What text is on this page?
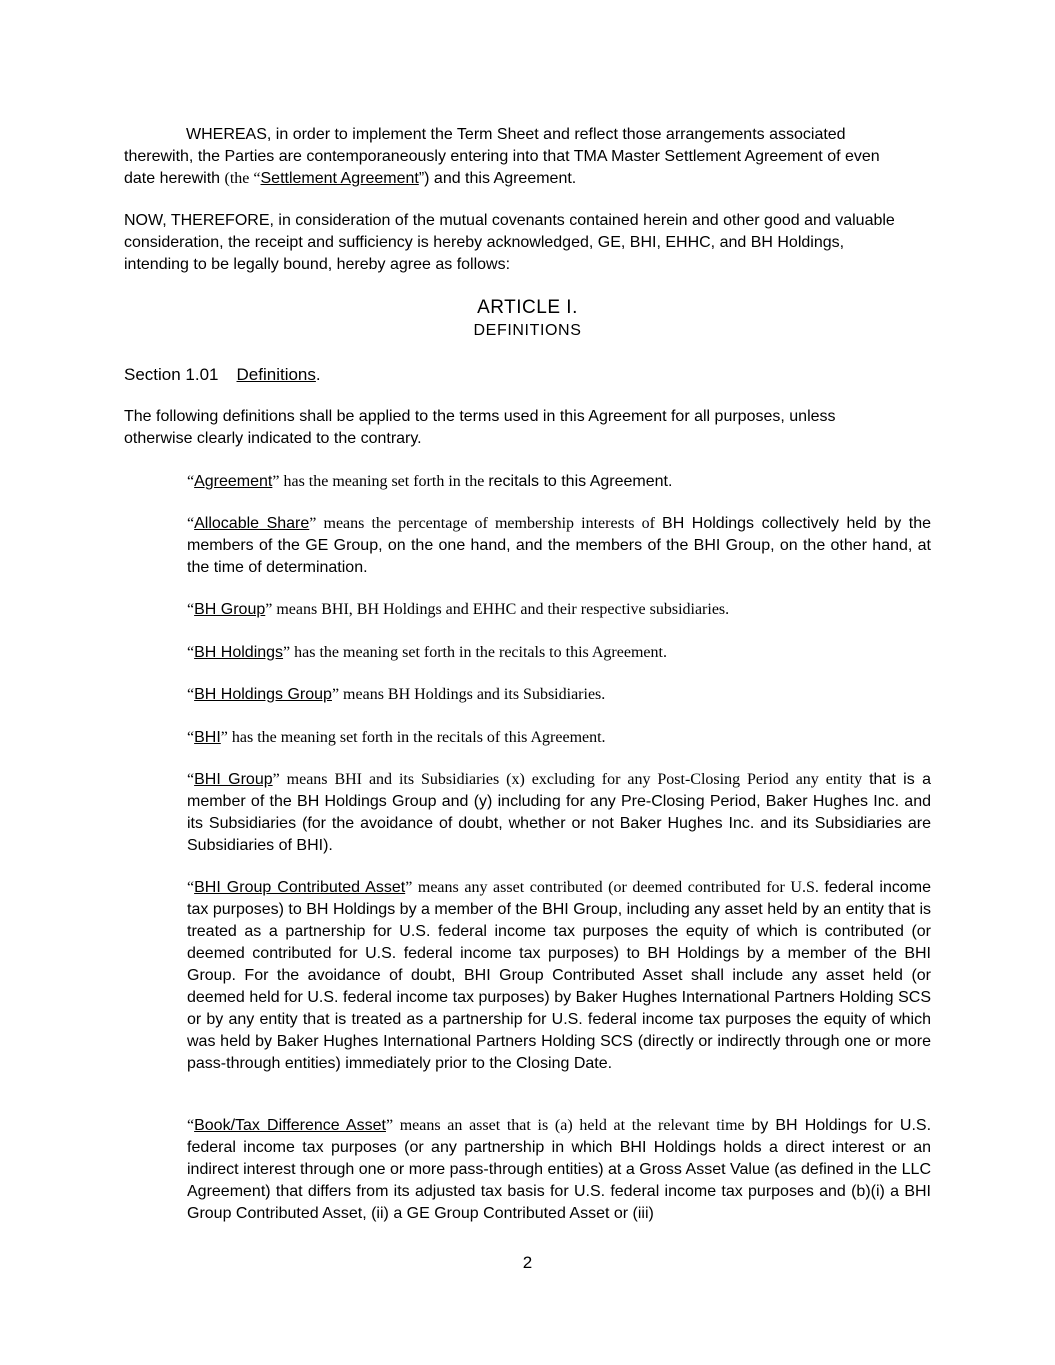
WHEREAS, in order to implement the Term Sheet and reflect those arrangements associated therewith, the Parties are contemporaneously entering into that TMA Master Settlement Agreement of even date herewith (the “Settlement Agreement”) and this Agreement.

NOW, THEREFORE, in consideration of the mutual covenants contained herein and other good and valuable consideration, the receipt and sufficiency is hereby acknowledged, GE, BHI, EHHC, and BH Holdings, intending to be legally bound, hereby agree as follows:

ARTICLE I.

DEFINITIONS

Section 1.01 Definitions.

The following definitions shall be applied to the terms used in this Agreement for all purposes, unless otherwise clearly indicated to the contrary.

“Agreement” has the meaning set forth in the recitals to this Agreement.

“Allocable Share” means the percentage of membership interests of BH Holdings collectively held by the members of the GE Group, on the one hand, and the members of the BHI Group, on the other hand, at the time of determination.

“BH Group” means BHI, BH Holdings and EHHC and their respective subsidiaries.

“BH Holdings” has the meaning set forth in the recitals to this Agreement.

“BH Holdings Group” means BH Holdings and its Subsidiaries.

“BHI” has the meaning set forth in the recitals of this Agreement.

“BHI Group” means BHI and its Subsidiaries (x) excluding for any Post-Closing Period any entity that is a member of the BH Holdings Group and (y) including for any Pre-Closing Period, Baker Hughes Inc. and its Subsidiaries (for the avoidance of doubt, whether or not Baker Hughes Inc. and its Subsidiaries are Subsidiaries of BHI).

“BHI Group Contributed Asset” means any asset contributed (or deemed contributed for U.S. federal income tax purposes) to BH Holdings by a member of the BHI Group, including any asset held by an entity that is treated as a partnership for U.S. federal income tax purposes the equity of which is contributed (or deemed contributed for U.S. federal income tax purposes) to BH Holdings by a member of the BHI Group. For the avoidance of doubt, BHI Group Contributed Asset shall include any asset held (or deemed held for U.S. federal income tax purposes) by Baker Hughes International Partners Holding SCS or by any entity that is treated as a partnership for U.S. federal income tax purposes the equity of which was held by Baker Hughes International Partners Holding SCS (directly or indirectly through one or more pass-through entities) immediately prior to the Closing Date.

“Book/Tax Difference Asset” means an asset that is (a) held at the relevant time by BH Holdings for U.S. federal income tax purposes (or any partnership in which BHI Holdings holds a direct interest or an indirect interest through one or more pass-through entities) at a Gross Asset Value (as defined in the LLC Agreement) that differs from its adjusted tax basis for U.S. federal income tax purposes and (b)(i) a BHI Group Contributed Asset, (ii) a GE Group Contributed Asset or (iii)

2
